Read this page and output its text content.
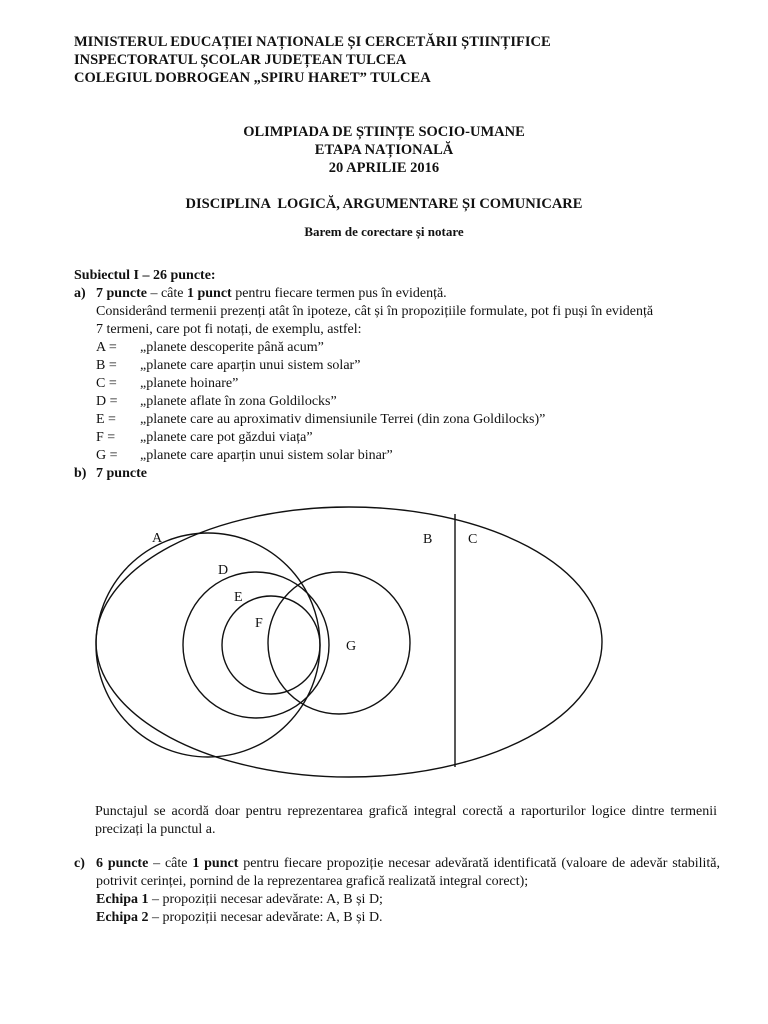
MINISTERUL EDUCAȚIEI NAȚIONALE ȘI CERCETĂRII ȘTIINȚIFICE
INSPECTORATUL ȘCOLAR JUDEȚEAN TULCEA
COLEGIUL DOBROGEAN „SPIRU HARET” TULCEA
OLIMPIADA DE ȘTIINȚE SOCIO-UMANE
ETAPA NAȚIONALĂ
20 APRILIE 2016
DISCIPLINA  LOGICĂ, ARGUMENTARE ȘI COMUNICARE
Barem de corectare și notare
Subiectul I – 26 puncte:
a) 7 puncte – câte 1 punct pentru fiecare termen pus în evidență.
Considerând termenii prezenți atât în ipoteze, cât și în propozițiile formulate, pot fi puși în evidență
7 termeni, care pot fi notați, de exemplu, astfel:
A = „planete descoperite până acum”
B = „planete care aparțin unui sistem solar”
C = „planete hoinare”
D = „planete aflate în zona Goldilocks”
E = „planete care au aproximativ dimensiunile Terrei (din zona Goldilocks)”
F = „planete care pot găzdui viața”
G = „planete care aparțin unui sistem solar binar”
b) 7 puncte
A	B	C
D
E
F
G
Punctajul se acordă doar pentru reprezentarea grafică integral corectă a raporturilor logice dintre termenii precizați la punctul a.
c) 6 puncte – câte 1 punct pentru fiecare propoziție necesar adevărată identificată (valoare de adevăr stabilită, potrivit cerinței, pornind de la reprezentarea grafică realizată integral corect);
Echipa 1 – propoziții necesar adevărate: A, B și D;
Echipa 2 – propoziții necesar adevărate: A, B și D.
